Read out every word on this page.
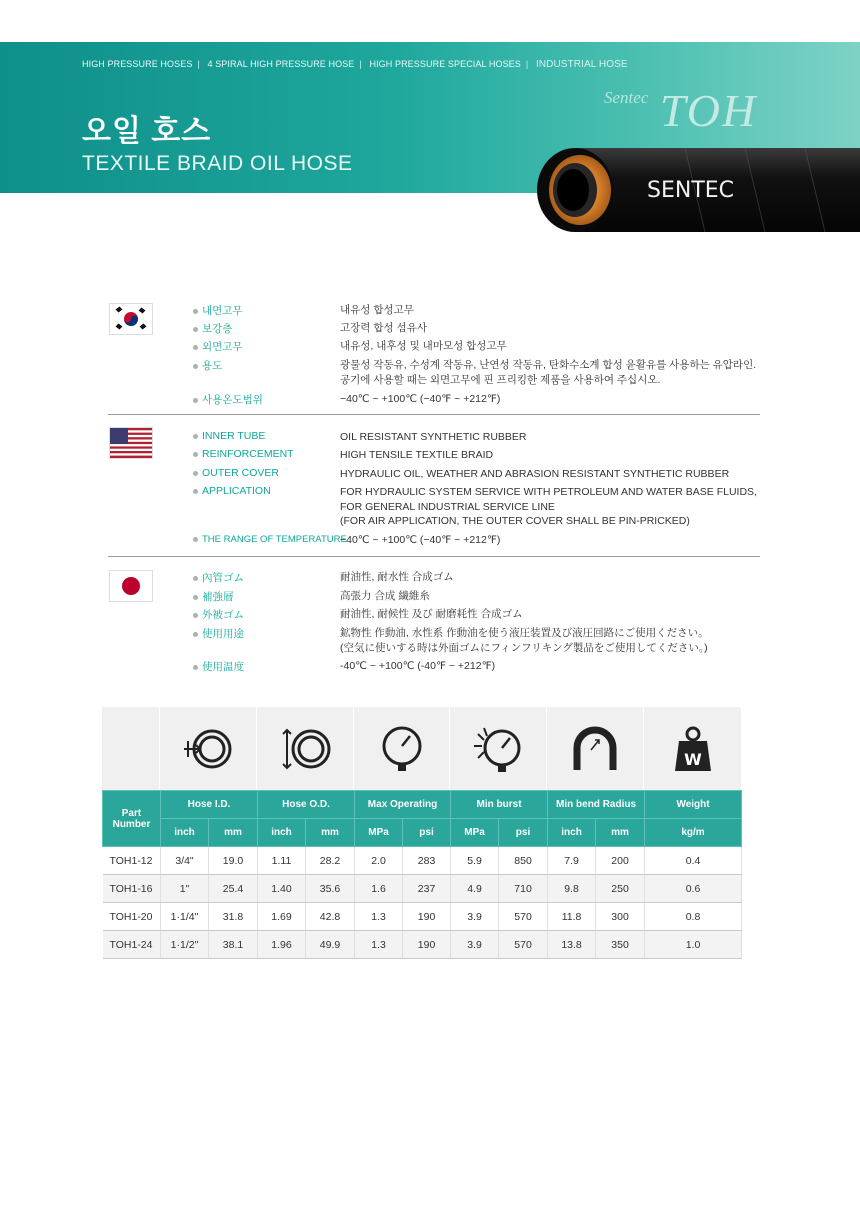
HIGH PRESSURE HOSES | 4 SPIRAL HIGH PRESSURE HOSE | HIGH PRESSURE SPECIAL HOSES | INDUSTRIAL HOSE
오일 호스
TEXTILE BRAID OIL HOSE
Sentec TOH
SENTEC
내면고무	내유성 합성고무
보강층	고장력 합성 섬유사
외면고무	내유성, 내후성 및 내마모성 합성고무
용도	광물성 작동유, 수성계 작동유, 난연성 작동유, 탄화수소계 합성 윤활유를 사용하는 유압라인.
공기에 사용할 때는 외면고무에 핀 프리킹한 제품을 사용하여 주십시오.
사용온도범위	−40℃ ~ +100℃ (−40℉ ~ +212℉)
INNER TUBE	OIL RESISTANT SYNTHETIC RUBBER
REINFORCEMENT	HIGH TENSILE TEXTILE BRAID
OUTER COVER	HYDRAULIC OIL, WEATHER AND ABRASION RESISTANT SYNTHETIC RUBBER
APPLICATION	FOR HYDRAULIC SYSTEM SERVICE WITH PETROLEUM AND WATER BASE FLUIDS,
FOR GENERAL INDUSTRIAL SERVICE LINE
(FOR AIR APPLICATION, THE OUTER COVER SHALL BE PIN-PRICKED)
THE RANGE OF TEMPERATURE
−40℃ ~ +100℃ (−40℉ ~ +212℉)
內管ゴム	耐油性, 耐水性 合成ゴム
補強層	高張力 合成 繊維糸
外被ゴム	耐油性, 耐候性 及び 耐磨耗性 合成ゴム
使用用途	鉱物性 作動油, 水性系 作動油を使う液圧装置及び液圧回路にご使用ください。
(空気に使いする時は外面ゴムにフィンフリキング製品をご使用してください。)
使用温度	-40℃ ~ +100℃ (-40℉ ~ +212℉)
W
Part Number	Hose I.D.		Hose O.D.		Max Operating		Min burst		Min bend Radius		Weight
	inch	mm	inch	mm	MPa	psi	MPa	psi	inch	mm	kg/m
TOH1-12	3/4"	19.0	1.11	28.2	2.0	283	5.9	850	7.9	200	0.4
TOH1-16	1"	25.4	1.40	35.6	1.6	237	4.9	710	9.8	250	0.6
TOH1-20	1·1/4"	31.8	1.69	42.8	1.3	190	3.9	570	11.8	300	0.8
TOH1-24	1·1/2"	38.1	1.96	49.9	1.3	190	3.9	570	13.8	350	1.0
